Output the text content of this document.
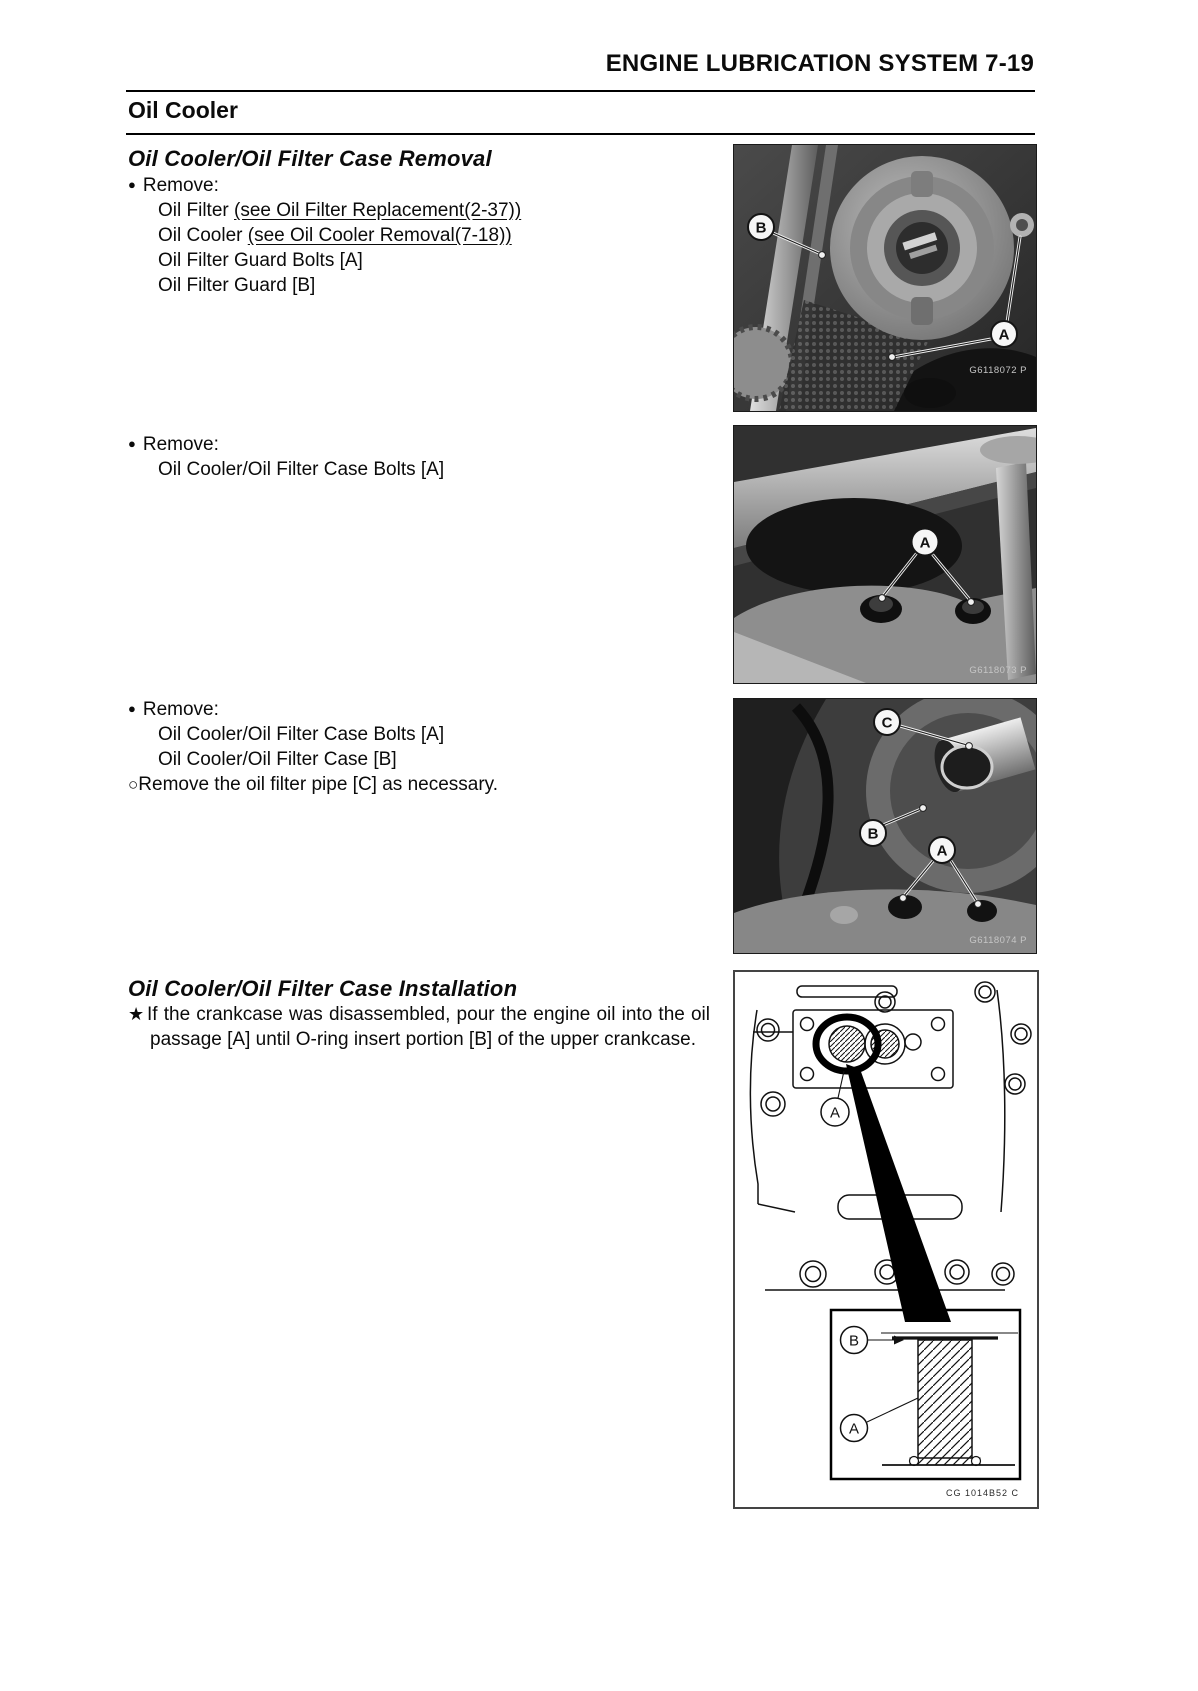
ENGINE LUBRICATION SYSTEM 7-19
Oil Cooler
Oil Cooler/Oil Filter Case Removal
● Remove:
Oil Filter (see Oil Filter Replacement(2-37))
Oil Cooler (see Oil Cooler Removal(7-18))
Oil Filter Guard Bolts [A]
Oil Filter Guard [B]
● Remove:
Oil Cooler/Oil Filter Case Bolts [A]
● Remove:
Oil Cooler/Oil Filter Case Bolts [A]
Oil Cooler/Oil Filter Case [B]
○Remove the oil filter pipe [C] as necessary.
Oil Cooler/Oil Filter Case Installation
★ If the crankcase was disassembled, pour the engine oil into the oil passage [A] until O-ring insert portion [B] of the upper crankcase.
B
A
G6118072 P
A
G6118073 P
C
B
A
G6118074 P
A
B
A
CG 1014B52 C
